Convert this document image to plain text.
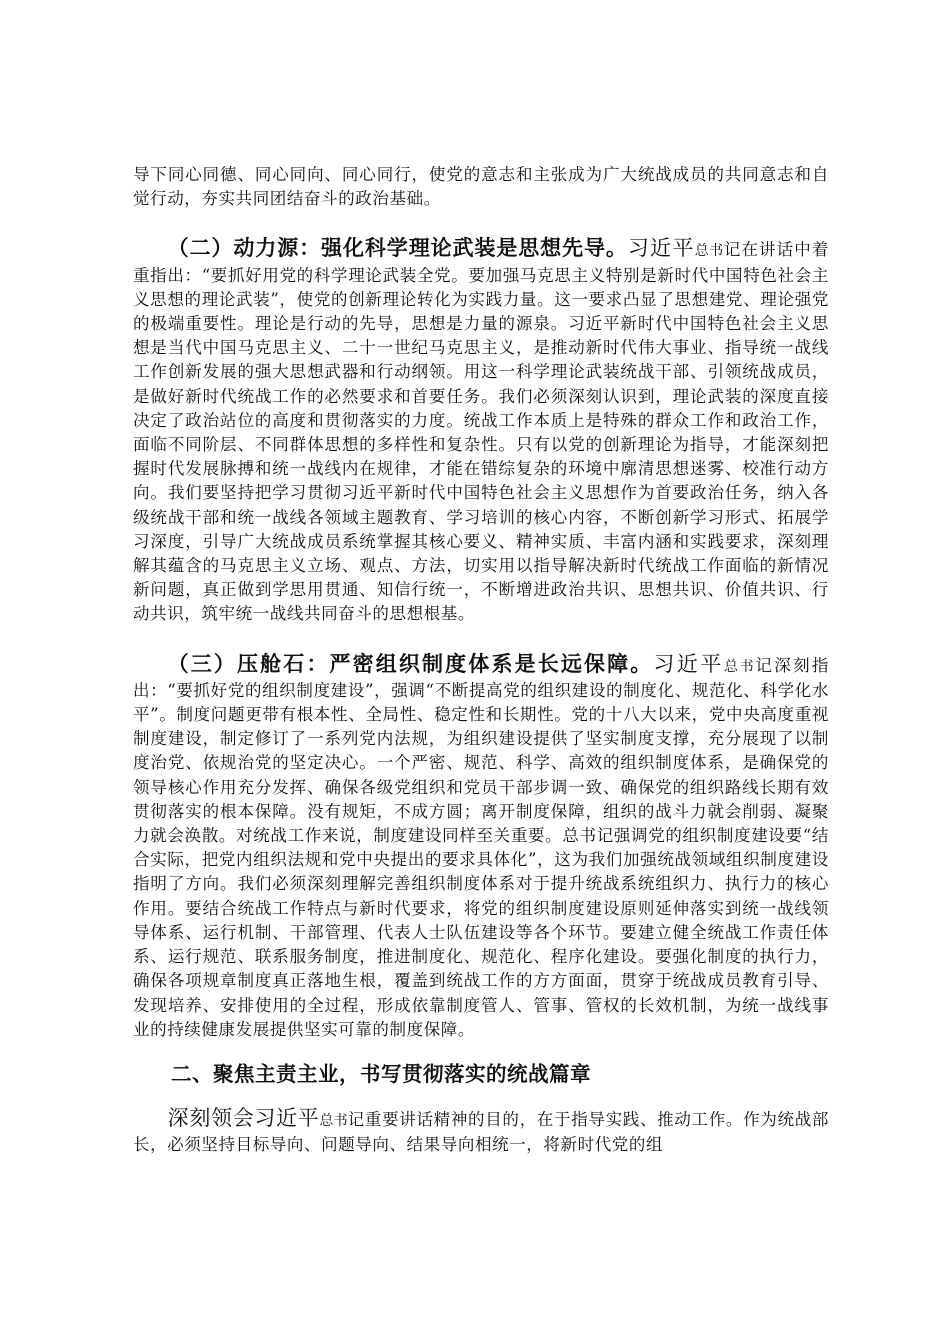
导下同心同德、同心同向、同心同行，使党的意志和主张成为广大统战成员的共同意志和自觉行动，夯实共同团结奋斗的政治基础。

（二）动力源：强化科学理论武装是思想先导。习近平总书记在讲话中着重指出：“要抓好用党的科学理论武装全党。要加强马克思主义特别是新时代中国特色社会主义思想的理论武装”，使党的创新理论转化为实践力量。这一要求凸显了思想建党、理论强党的极端重要性。理论是行动的先导，思想是力量的源泉。习近平新时代中国特色社会主义思想是当代中国马克思主义、二十一世纪马克思主义，是推动新时代伟大事业、指导统一战线工作创新发展的强大思想武器和行动纲领。用这一科学理论武装统战干部、引领统战成员，是做好新时代统战工作的必然要求和首要任务。我们必须深刻认识到，理论武装的深度直接决定了政治站位的高度和贯彻落实的力度。统战工作本质上是特殊的群众工作和政治工作，面临不同阶层、不同群体思想的多样性和复杂性。只有以党的创新理论为指导，才能深刻把握时代发展脉搏和统一战线内在规律，才能在错综复杂的环境中廓清思想迷雾、校准行动方向。我们要坚持把学习贯彻习近平新时代中国特色社会主义思想作为首要政治任务，纳入各级统战干部和统一战线各领域主题教育、学习培训的核心内容，不断创新学习形式、拓展学习深度，引导广大统战成员系统掌握其核心要义、精神实质、丰富内涵和实践要求，深刻理解其蕴含的马克思主义立场、观点、方法，切实用以指导解决新时代统战工作面临的新情况新问题，真正做到学思用贯通、知信行统一，不断增进政治共识、思想共识、价值共识、行动共识，筑牢统一战线共同奋斗的思想根基。

（三）压舱石：严密组织制度体系是长远保障。习近平总书记深刻指出：“要抓好党的组织制度建设”，强调“不断提高党的组织建设的制度化、规范化、科学化水平”。制度问题更带有根本性、全局性、稳定性和长期性。党的十八大以来，党中央高度重视制度建设，制定修订了一系列党内法规，为组织建设提供了坚实制度支撑，充分展现了以制度治党、依规治党的坚定决心。一个严密、规范、科学、高效的组织制度体系，是确保党的领导核心作用充分发挥、确保各级党组织和党员干部步调一致、确保党的组织路线长期有效贯彻落实的根本保障。没有规矩，不成方圆；离开制度保障，组织的战斗力就会削弱、凝聚力就会涣散。对统战工作来说，制度建设同样至关重要。总书记强调党的组织制度建设要“结合实际，把党内组织法规和党中央提出的要求具体化”，这为我们加强统战领域组织制度建设指明了方向。我们必须深刻理解完善组织制度体系对于提升统战系统组织力、执行力的核心作用。要结合统战工作特点与新时代要求，将党的组织制度建设原则延伸落实到统一战线领导体系、运行机制、干部管理、代表人士队伍建设等各个环节。要建立健全统战工作责任体系、运行规范、联系服务制度，推进制度化、规范化、程序化建设。要强化制度的执行力，确保各项规章制度真正落地生根，覆盖到统战工作的方方面面，贯穿于统战成员教育引导、发现培养、安排使用的全过程，形成依靠制度管人、管事、管权的长效机制，为统一战线事业的持续健康发展提供坚实可靠的制度保障。

二、聚焦主责主业，书写贯彻落实的统战篇章

深刻领会习近平总书记重要讲话精神的目的，在于指导实践、推动工作。作为统战部长，必须坚持目标导向、问题导向、结果导向相统一，将新时代党的组
